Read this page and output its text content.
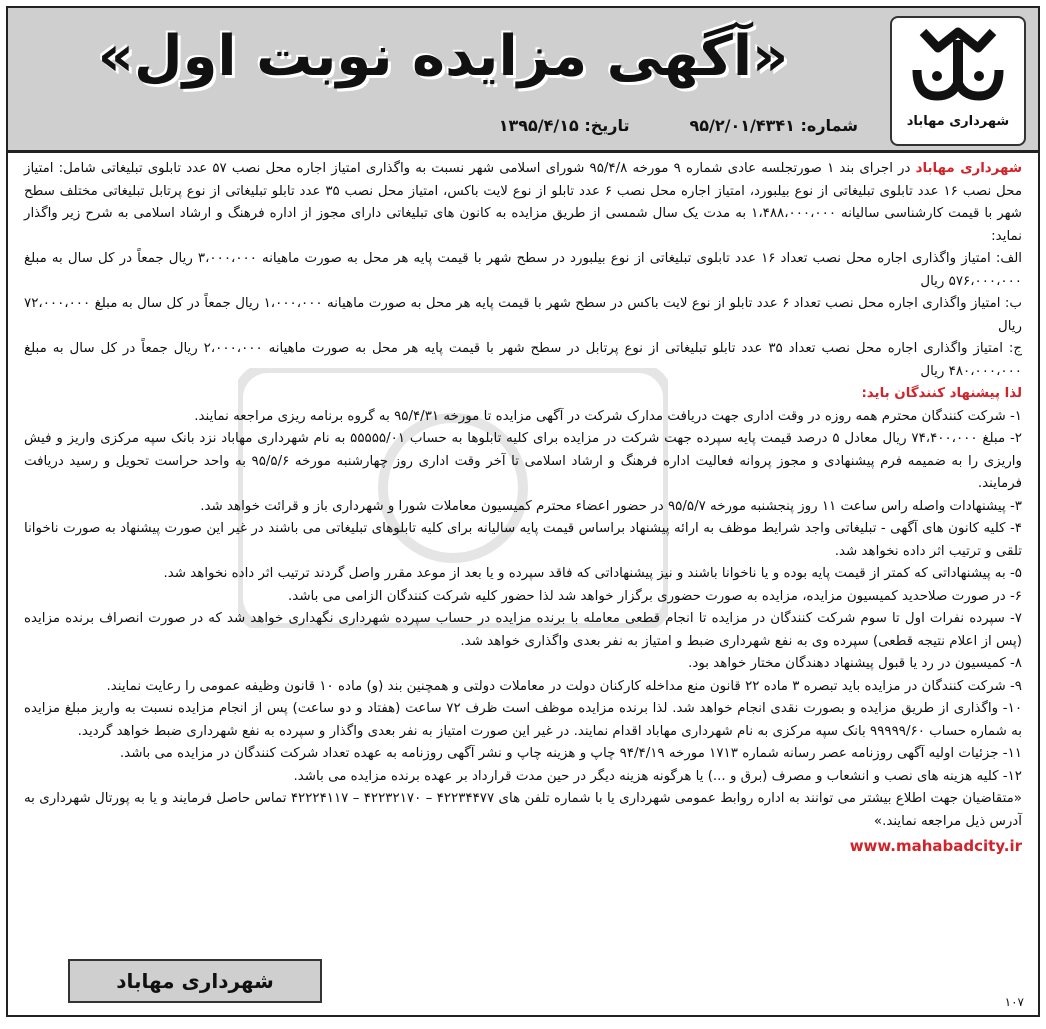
شهرداری مهاباد
«آگهی مزایده نوبت اول»
شماره: ۹۵/۲/۰۱/۴۳۴۱
تاریخ: ۱۳۹۵/۴/۱۵

شهرداری مهاباد در اجرای بند ۱ صورتجلسه عادی شماره ۹ مورخه ۹۵/۴/۸ شورای اسلامی شهر نسبت به واگذاری امتیاز اجاره محل نصب ۵۷ عدد تابلوی تبلیغاتی شامل: امتیاز محل نصب ۱۶ عدد تابلوی تبلیغاتی از نوع بیلبورد، امتیاز اجاره محل نصب ۶ عدد تابلو از نوع لایت باکس، امتیاز محل نصب ۳۵ عدد تابلو تبلیغاتی از نوع پرتابل تبلیغاتی مختلف سطح شهر با قیمت کارشناسی سالیانه ۱،۴۸۸،۰۰۰،۰۰۰ به مدت یک سال شمسی از طریق مزایده به کانون های تبلیغاتی دارای مجوز از اداره فرهنگ و ارشاد اسلامی به شرح زیر واگذار نماید:

الف: امتیاز واگذاری اجاره محل نصب تعداد ۱۶ عدد تابلوی تبلیغاتی از نوع بیلبورد در سطح شهر با قیمت پایه هر محل به صورت ماهیانه ۳،۰۰۰،۰۰۰ ریال جمعاً در کل سال به مبلغ ۵۷۶،۰۰۰،۰۰۰ ریال

ب: امتیاز واگذاری اجاره محل نصب تعداد ۶ عدد تابلو از نوع لایت باکس در سطح شهر با قیمت پایه هر محل به صورت ماهیانه ۱،۰۰۰،۰۰۰ ریال جمعاً در کل سال به مبلغ ۷۲،۰۰۰،۰۰۰ ریال

ج: امتیاز واگذاری اجاره محل نصب تعداد ۳۵ عدد تابلو تبلیغاتی از نوع پرتابل در سطح شهر با قیمت پایه هر محل به صورت ماهیانه ۲،۰۰۰،۰۰۰ ریال جمعاً در کل سال به مبلغ ۴۸۰،۰۰۰،۰۰۰ ریال

لذا پیشنهاد کنندگان باید:

۱- شرکت کنندگان محترم همه روزه در وقت اداری جهت دریافت مدارک شرکت در آگهی مزایده تا مورخه ۹۵/۴/۳۱ به گروه برنامه ریزی مراجعه نمایند.

۲- مبلغ ۷۴،۴۰۰،۰۰۰ ریال معادل ۵ درصد قیمت پایه سپرده جهت شرکت در مزایده برای کلیه تابلوها به حساب ۵۵۵۵۵/۰۱ به نام شهرداری مهاباد نزد بانک سپه مرکزی واریز و فیش واریزی را به ضمیمه فرم پیشنهادی و مجوز پروانه فعالیت اداره فرهنگ و ارشاد اسلامی تا آخر وقت اداری روز چهارشنبه مورخه ۹۵/۵/۶ به واحد حراست تحویل و رسید دریافت فرمایند.

۳- پیشنهادات واصله راس ساعت ۱۱ روز پنجشنبه مورخه ۹۵/۵/۷ در حضور اعضاء محترم کمیسیون معاملات شورا و شهرداری باز و قرائت خواهد شد.

۴- کلیه کانون های آگهی - تبلیغاتی واجد شرایط موظف به ارائه پیشنهاد براساس قیمت پایه سالیانه برای کلیه تابلوهای تبلیغاتی می باشند در غیر این صورت پیشنهاد به صورت ناخوانا تلقی و ترتیب اثر داده نخواهد شد.

۵- به پیشنهاداتی که کمتر از قیمت پایه بوده و یا ناخوانا باشند و نیز پیشنهاداتی که فاقد سپرده و یا بعد از موعد مقرر واصل گردند ترتیب اثر داده نخواهد شد.

۶- در صورت صلاحدید کمیسیون مزایده، مزایده به صورت حضوری برگزار خواهد شد لذا حضور کلیه شرکت کنندگان الزامی می باشد.

۷- سپرده نفرات اول تا سوم شرکت کنندگان در مزایده تا انجام قطعی معامله با برنده مزایده در حساب سپرده شهرداری نگهداری خواهد شد که در صورت انصراف برنده مزایده (پس از اعلام نتیجه قطعی) سپرده وی به نفع شهرداری ضبط و امتیاز به نفر بعدی واگذاری خواهد شد.

۸- کمیسیون در رد یا قبول پیشنهاد دهندگان مختار خواهد بود.

۹- شرکت کنندگان در مزایده باید تبصره ۳ ماده ۲۲ قانون منع مداخله کارکنان دولت در معاملات دولتی و همچنین بند (و) ماده ۱۰ قانون وظیفه عمومی را رعایت نمایند.

۱۰- واگذاری از طریق مزایده و بصورت نقدی انجام خواهد شد. لذا برنده مزایده موظف است ظرف ۷۲ ساعت (هفتاد و دو ساعت) پس از انجام مزایده نسبت به واریز مبلغ مزایده به شماره حساب ۹۹۹۹۹/۶۰ بانک سپه مرکزی به نام شهرداری مهاباد اقدام نمایند. در غیر این صورت امتیاز به نفر بعدی واگذار و سپرده به نفع شهرداری ضبط خواهد گردید.

۱۱- جزئیات اولیه آگهی روزنامه عصر رسانه شماره ۱۷۱۳ مورخه ۹۴/۴/۱۹ چاپ و هزینه چاپ و نشر آگهی روزنامه به عهده تعداد شرکت کنندگان در مزایده می باشد.

۱۲- کلیه هزینه های نصب و انشعاب و مصرف (برق و ...) یا هرگونه هزینه دیگر در حین مدت قرارداد بر عهده برنده مزایده می باشد.

«متقاضیان جهت اطلاع بیشتر می توانند به اداره روابط عمومی شهرداری یا با شماره تلفن های ۴۲۲۳۴۴۷۷ – ۴۲۲۳۲۱۷۰ – ۴۲۲۲۴۱۱۷ تماس حاصل فرمایند و یا به پورتال شهرداری به آدرس ذیل مراجعه نمایند.»

www.mahabadcity.ir
شهرداری مهاباد
۱۰۷
